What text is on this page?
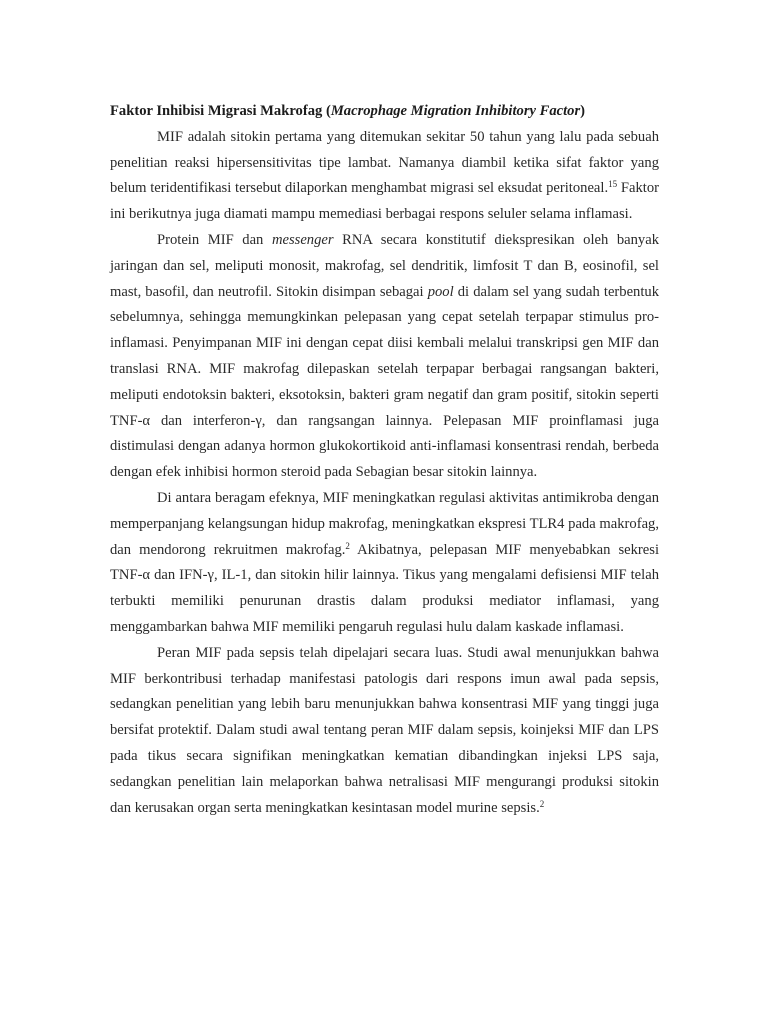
Faktor Inhibisi Migrasi Makrofag (Macrophage Migration Inhibitory Factor)

MIF adalah sitokin pertama yang ditemukan sekitar 50 tahun yang lalu pada sebuah penelitian reaksi hipersensitivitas tipe lambat. Namanya diambil ketika sifat faktor yang belum teridentifikasi tersebut dilaporkan menghambat migrasi sel eksudat peritoneal.$^{15}$ Faktor ini berikutnya juga diamati mampu memediasi berbagai respons seluler selama inflamasi.

Protein MIF dan messenger RNA secara konstitutif diekspresikan oleh banyak jaringan dan sel, meliputi monosit, makrofag, sel dendritik, limfosit T dan B, eosinofil, sel mast, basofil, dan neutrofil. Sitokin disimpan sebagai pool di dalam sel yang sudah terbentuk sebelumnya, sehingga memungkinkan pelepasan yang cepat setelah terpapar stimulus pro-inflamasi. Penyimpanan MIF ini dengan cepat diisi kembali melalui transkripsi gen MIF dan translasi RNA. MIF makrofag dilepaskan setelah terpapar berbagai rangsangan bakteri, meliputi endotoksin bakteri, eksotoksin, bakteri gram negatif dan gram positif, sitokin seperti TNF-α dan interferon-γ, dan rangsangan lainnya. Pelepasan MIF proinflamasi juga distimulasi dengan adanya hormon glukokortikoid anti-inflamasi konsentrasi rendah, berbeda dengan efek inhibisi hormon steroid pada Sebagian besar sitokin lainnya.

Di antara beragam efeknya, MIF meningkatkan regulasi aktivitas antimikroba dengan memperpanjang kelangsungan hidup makrofag, meningkatkan ekspresi TLR4 pada makrofag, dan mendorong rekruitmen makrofag.$^2$ Akibatnya, pelepasan MIF menyebabkan sekresi TNF-α dan IFN-γ, IL-1, dan sitokin hilir lainnya. Tikus yang mengalami defisiensi MIF telah terbukti memiliki penurunan drastis dalam produksi mediator inflamasi, yang menggambarkan bahwa MIF memiliki pengaruh regulasi hulu dalam kaskade inflamasi.

Peran MIF pada sepsis telah dipelajari secara luas. Studi awal menunjukkan bahwa MIF berkontribusi terhadap manifestasi patologis dari respons imun awal pada sepsis, sedangkan penelitian yang lebih baru menunjukkan bahwa konsentrasi MIF yang tinggi juga bersifat protektif. Dalam studi awal tentang peran MIF dalam sepsis, koinjeksi MIF dan LPS pada tikus secara signifikan meningkatkan kematian dibandingkan injeksi LPS saja, sedangkan penelitian lain melaporkan bahwa netralisasi MIF mengurangi produksi sitokin dan kerusakan organ serta meningkatkan kesintasan model murine sepsis.$^2$
